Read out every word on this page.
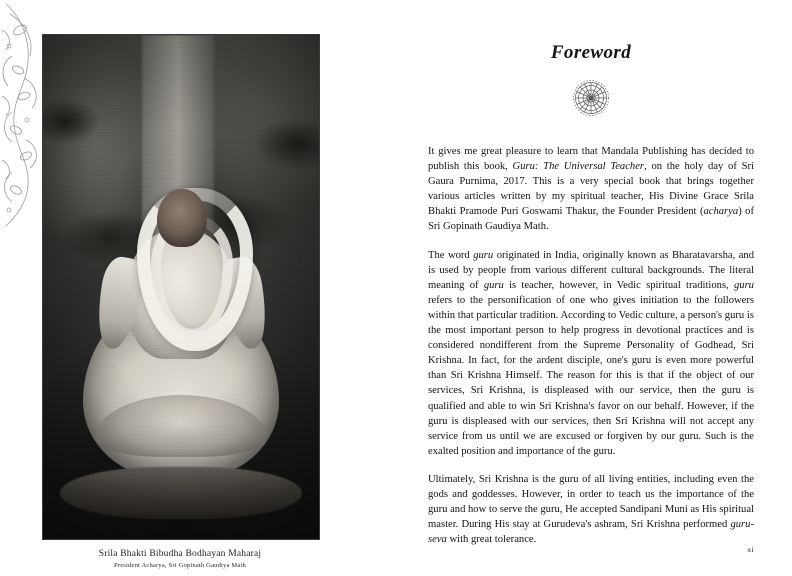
Srila Bhakti Bibudha Bodhayan Maharaj
President Acharya, Sri Gopinath Gaudiya Math
Foreword

It gives me great pleasure to learn that Mandala Publishing has decided to publish this book, Guru: The Universal Teacher, on the holy day of Sri Gaura Purnima, 2017. This is a very special book that brings together various articles written by my spiritual teacher, His Divine Grace Srila Bhakti Pramode Puri Goswami Thakur, the Founder President (acharya) of Sri Gopinath Gaudiya Math.

The word guru originated in India, originally known as Bharatavarsha, and is used by people from various different cultural backgrounds. The literal meaning of guru is teacher, however, in Vedic spiritual traditions, guru refers to the personification of one who gives initiation to the followers within that particular tradition. According to Vedic culture, a person's guru is the most important person to help progress in devotional practices and is considered nondifferent from the Supreme Personality of Godhead, Sri Krishna. In fact, for the ardent disciple, one's guru is even more powerful than Sri Krishna Himself. The reason for this is that if the object of our services, Sri Krishna, is displeased with our service, then the guru is qualified and able to win Sri Krishna's favor on our behalf. However, if the guru is displeased with our services, then Sri Krishna will not accept any service from us until we are excused or forgiven by our guru. Such is the exalted position and importance of the guru.

Ultimately, Sri Krishna is the guru of all living entities, including even the gods and goddesses. However, in order to teach us the importance of the guru and how to serve the guru, He accepted Sandipani Muni as His spiritual master. During His stay at Gurudeva's ashram, Sri Krishna performed guru-seva with great tolerance.

xi
